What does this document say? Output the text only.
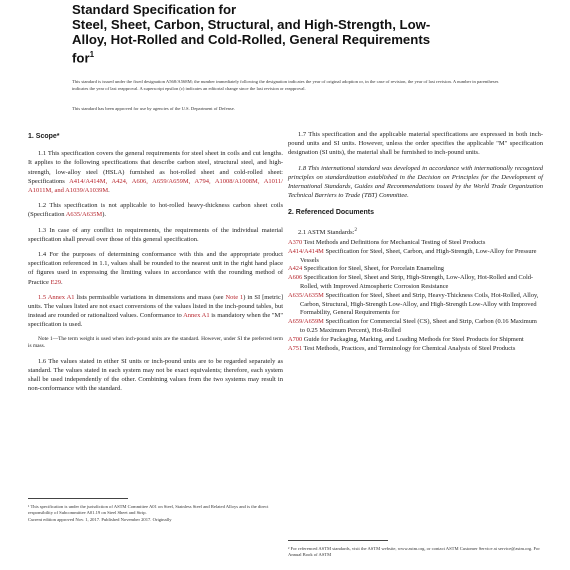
Standard Specification for
Steel, Sheet, Carbon, Structural, and High-Strength, Low-
Alloy, Hot-Rolled and Cold-Rolled, General Requirements
for$^1$
This standard is issued under the fixed designation A568/A568M; the number immediately following the designation indicates the year of original adoption or, in the case of revision, the year of last revision. A number in parentheses indicates the year of last reapproval. A superscript epsilon (ε) indicates an editorial change since the last revision or reapproval.
This standard has been approved for use by agencies of the U.S. Department of Defense.
1. Scope*

1.1 This specification covers the general requirements for steel sheet in coils and cut lengths. It applies to the following specifications that describe carbon steel, structural steel, and high-strength, low-alloy steel (HSLA) furnished as hot-rolled sheet and cold-rolled sheet: Specifications A414/A414M, A424, A606, A659/A659M, A794, A1008/A1008M, A1011/ A1011M, and A1039/A1039M.

1.2 This specification is not applicable to hot-rolled heavy-thickness carbon sheet coils (Specification A635/A635M).

1.3 In case of any conflict in requirements, the requirements of the individual material specification shall prevail over those of this general specification.

1.4 For the purposes of determining conformance with this and the appropriate product specification referenced in 1.1, values shall be rounded to the nearest unit in the right hand place of figures used in expressing the limiting values in accordance with the rounding method of Practice E29.

1.5 Annex A1 lists permissible variations in dimensions and mass (see Note 1) in SI [metric] units. The values listed are not exact conversions of the values listed in the inch-pound tables, but instead are rounded or rationalized values. Conformance to Annex A1 is mandatory when the "M" specification is used.

Note 1—The term weight is used when inch-pound units are the standard. However, under SI the preferred term is mass.

1.6 The values stated in either SI units or inch-pound units are to be regarded separately as standard. The values stated in each system may not be exact equivalents; therefore, each system shall be used independently of the other. Combining values from the two systems may result in non-conformance with the standard.

¹ This specification is under the jurisdiction of ASTM Committee A01 on Steel, Stainless Steel and Related Alloys and is the direct responsibility of Subcommittee A01.19 on Steel Sheet and Strip.
Current edition approved Nov. 1, 2017. Published November 2017. Originally

1.7 This specification and the applicable material specifications are expressed in both inch-pound units and SI units. However, unless the order specifies the applicable "M" specification designation (SI units), the material shall be furnished to inch-pound units.

1.8 This international standard was developed in accordance with internationally recognized principles on standardization established in the Decision on Principles for the Development of International Standards, Guides and Recommendations issued by the World Trade Organization Technical Barriers to Trade (TBT) Committee.

2. Referenced Documents

2.1 ASTM Standards:$^2$

A370 Test Methods and Definitions for Mechanical Testing of Steel Products
A414/A414M Specification for Steel, Sheet, Carbon, and High-Strength, Low-Alloy for Pressure Vessels
A424 Specification for Steel, Sheet, for Porcelain Enameling
A606 Specification for Steel, Sheet and Strip, High-Strength, Low-Alloy, Hot-Rolled and Cold-Rolled, with Improved Atmospheric Corrosion Resistance
A635/A635M Specification for Steel, Sheet and Strip, Heavy-Thickness Coils, Hot-Rolled, Alloy, Carbon, Structural, High-Strength Low-Alloy, and High-Strength Low-Alloy with Improved Formability, General Requirements for
A659/A659M Specification for Commercial Steel (CS), Sheet and Strip, Carbon (0.16 Maximum to 0.25 Maximum Percent), Hot-Rolled
A700 Guide for Packaging, Marking, and Loading Methods for Steel Products for Shipment
A751 Test Methods, Practices, and Terminology for Chemical Analysis of Steel Products
² For referenced ASTM standards, visit the ASTM website, www.astm.org, or contact ASTM Customer Service at service@astm.org. For Annual Book of ASTM
